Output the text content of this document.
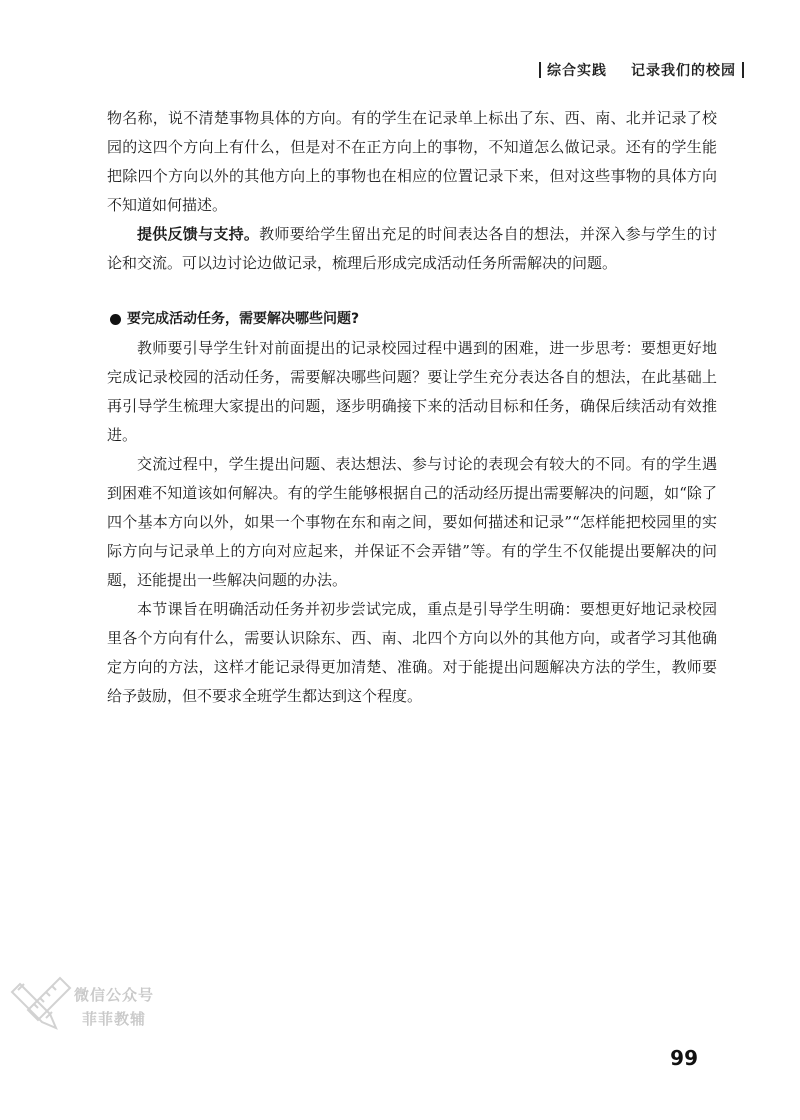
综合实践 记录我们的校园

物名称，说不清楚事物具体的方向。有的学生在记录单上标出了东、西、南、北并记录了校园的这四个方向上有什么，但是对不在正方向上的事物，不知道怎么做记录。还有的学生能把除四个方向以外的其他方向上的事物也在相应的位置记录下来，但对这些事物的具体方向不知道如何描述。

提供反馈与支持。教师要给学生留出充足的时间表达各自的想法，并深入参与学生的讨论和交流。可以边讨论边做记录，梳理后形成完成活动任务所需解决的问题。

要完成活动任务，需要解决哪些问题?

教师要引导学生针对前面提出的记录校园过程中遇到的困难，进一步思考：要想更好地完成记录校园的活动任务，需要解决哪些问题？要让学生充分表达各自的想法，在此基础上再引导学生梳理大家提出的问题，逐步明确接下来的活动目标和任务，确保后续活动有效推进。

交流过程中，学生提出问题、表达想法、参与讨论的表现会有较大的不同。有的学生遇到困难不知道该如何解决。有的学生能够根据自己的活动经历提出需要解决的问题，如“除了四个基本方向以外，如果一个事物在东和南之间，要如何描述和记录”“怎样能把校园里的实际方向与记录单上的方向对应起来，并保证不会弄错”等。有的学生不仅能提出要解决的问题，还能提出一些解决问题的办法。

本节课旨在明确活动任务并初步尝试完成，重点是引导学生明确：要想更好地记录校园里各个方向有什么，需要认识除东、西、南、北四个方向以外的其他方向，或者学习其他确定方向的方法，这样才能记录得更加清楚、准确。对于能提出问题解决方法的学生，教师要给予鼓励，但不要求全班学生都达到这个程度。

微信公众号
菲菲教辅
99
